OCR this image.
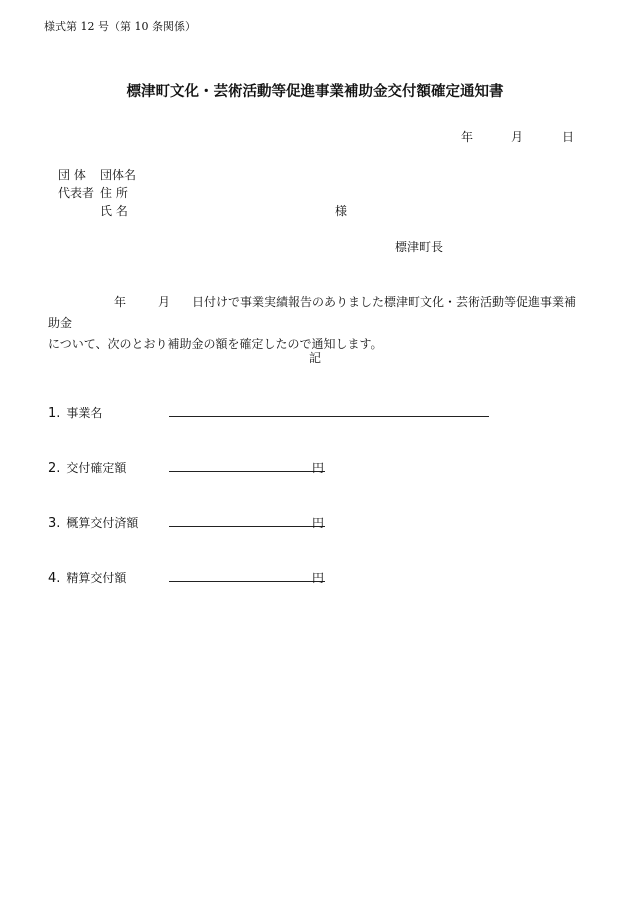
様式第 12 号（第 10 条関係）
標津町文化・芸術活動等促進事業補助金交付額確定通知書
年	月	日
団 体 団体名
代表者 住 所
氏 名	様
標津町長
年	月 日付けで事業実績報告のありました標津町文化・芸術活動等促進事業補助金
について、次のとおり補助金の額を確定したので通知します。
記
1. 事業名
2. 交付確定額	円
3. 概算交付済額	円
4. 精算交付額	円
